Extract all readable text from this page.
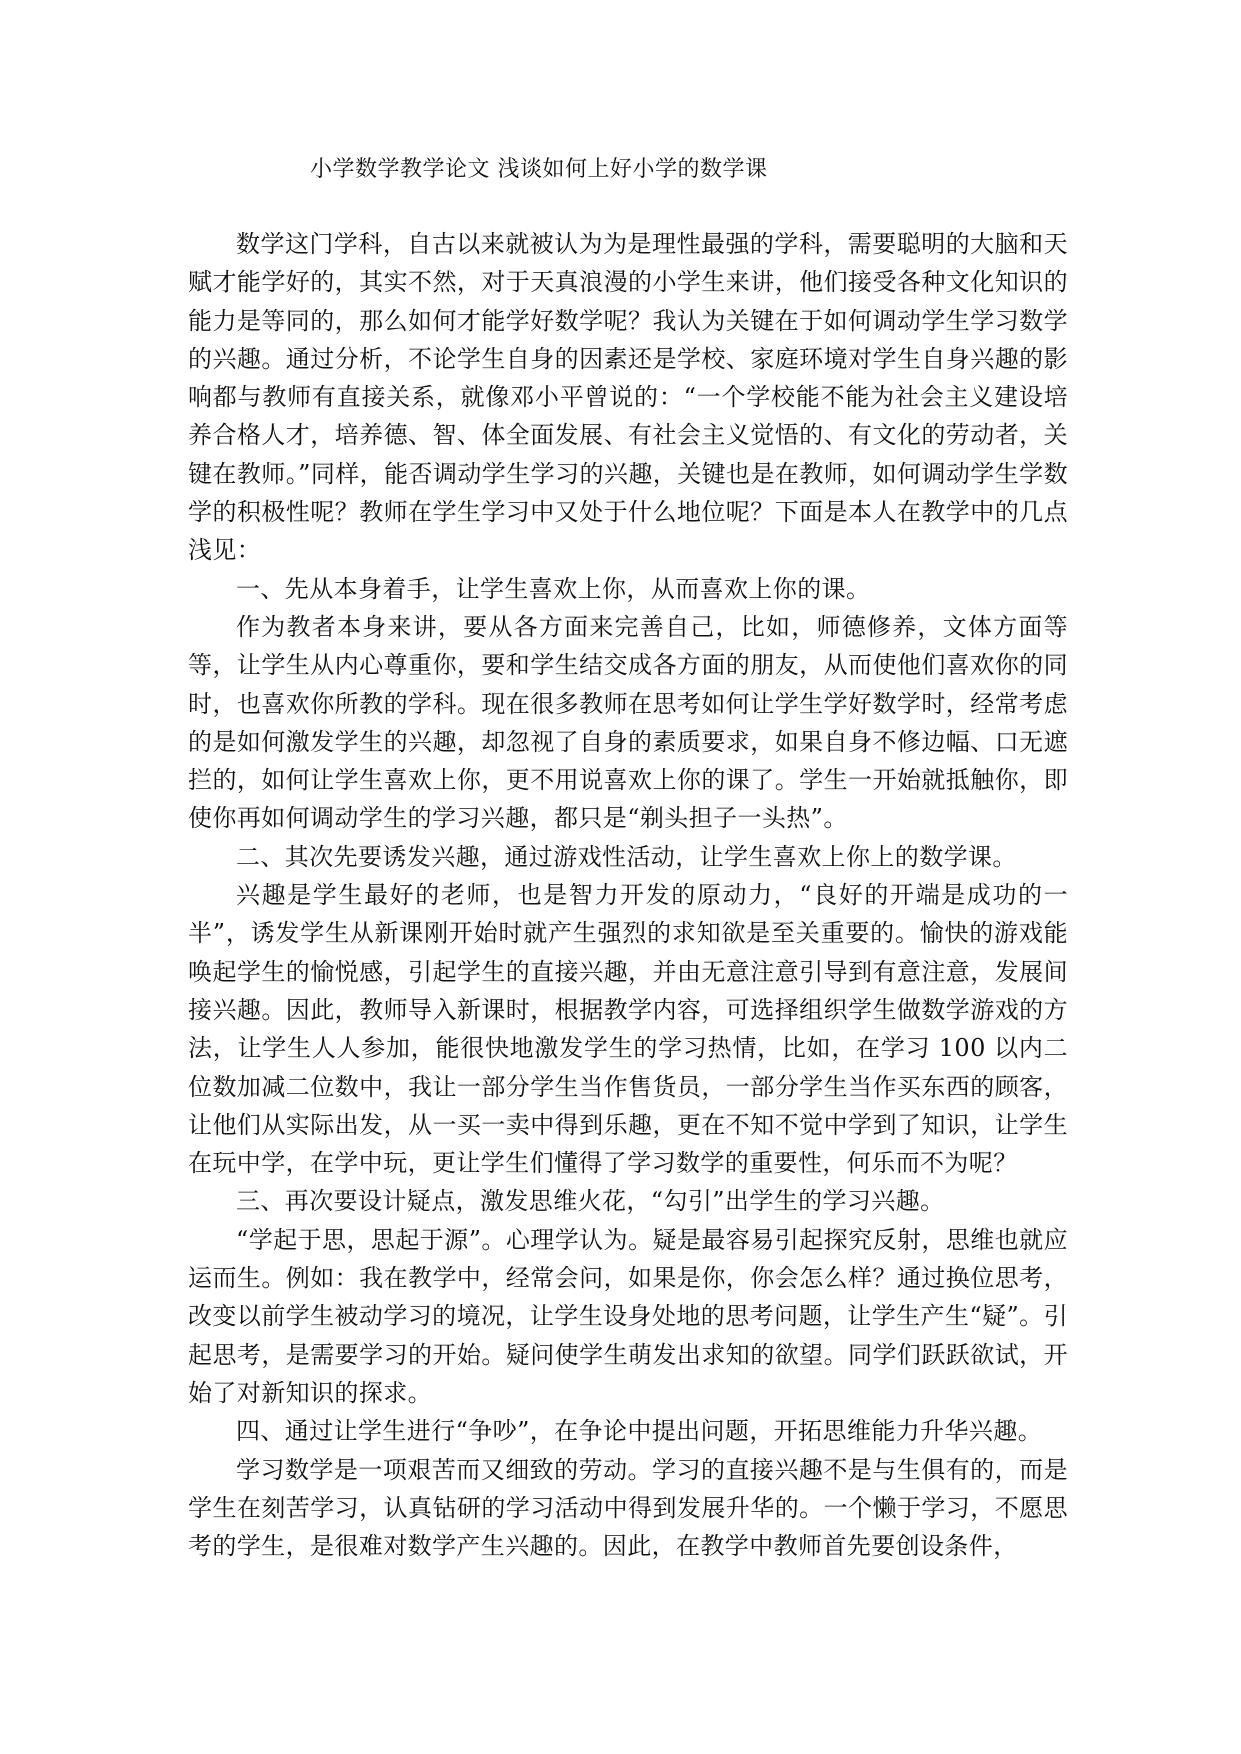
小学数学教学论文 浅谈如何上好小学的数学课

数学这门学科，自古以来就被认为为是理性最强的学科，需要聪明的大脑和天赋才能学好的，其实不然，对于天真浪漫的小学生来讲，他们接受各种文化知识的能力是等同的，那么如何才能学好数学呢？我认为关键在于如何调动学生学习数学的兴趣。通过分析，不论学生自身的因素还是学校、家庭环境对学生自身兴趣的影响都与教师有直接关系，就像邓小平曾说的：“一个学校能不能为社会主义建设培养合格人才，培养德、智、体全面发展、有社会主义觉悟的、有文化的劳动者，关键在教师。”同样，能否调动学生学习的兴趣，关键也是在教师，如何调动学生学数学的积极性呢？教师在学生学习中又处于什么地位呢？下面是本人在教学中的几点浅见：

一、先从本身着手，让学生喜欢上你，从而喜欢上你的课。

作为教者本身来讲，要从各方面来完善自己，比如，师德修养，文体方面等等，让学生从内心尊重你，要和学生结交成各方面的朋友，从而使他们喜欢你的同时，也喜欢你所教的学科。现在很多教师在思考如何让学生学好数学时，经常考虑的是如何激发学生的兴趣，却忽视了自身的素质要求，如果自身不修边幅、口无遮拦的，如何让学生喜欢上你，更不用说喜欢上你的课了。学生一开始就抵触你，即使你再如何调动学生的学习兴趣，都只是“剃头担子一头热”。

二、其次先要诱发兴趣，通过游戏性活动，让学生喜欢上你上的数学课。

兴趣是学生最好的老师，也是智力开发的原动力，“良好的开端是成功的一半”，诱发学生从新课刚开始时就产生强烈的求知欲是至关重要的。愉快的游戏能唤起学生的愉悦感，引起学生的直接兴趣，并由无意注意引导到有意注意，发展间接兴趣。因此，教师导入新课时，根据教学内容，可选择组织学生做数学游戏的方法，让学生人人参加，能很快地激发学生的学习热情，比如，在学习 100 以内二位数加减二位数中，我让一部分学生当作售货员，一部分学生当作买东西的顾客，让他们从实际出发，从一买一卖中得到乐趣，更在不知不觉中学到了知识，让学生在玩中学，在学中玩，更让学生们懂得了学习数学的重要性，何乐而不为呢？

三、再次要设计疑点，激发思维火花，“勾引”出学生的学习兴趣。

“学起于思，思起于源”。心理学认为。疑是最容易引起探究反射，思维也就应运而生。例如：我在教学中，经常会问，如果是你，你会怎么样？通过换位思考，改变以前学生被动学习的境况，让学生设身处地的思考问题，让学生产生“疑”。引起思考，是需要学习的开始。疑问使学生萌发出求知的欲望。同学们跃跃欲试，开始了对新知识的探求。

四、通过让学生进行“争吵”，在争论中提出问题，开拓思维能力升华兴趣。

学习数学是一项艰苦而又细致的劳动。学习的直接兴趣不是与生俱有的，而是学生在刻苦学习，认真钻研的学习活动中得到发展升华的。一个懒于学习，不愿思考的学生，是很难对数学产生兴趣的。因此，在教学中教师首先要创设条件，
